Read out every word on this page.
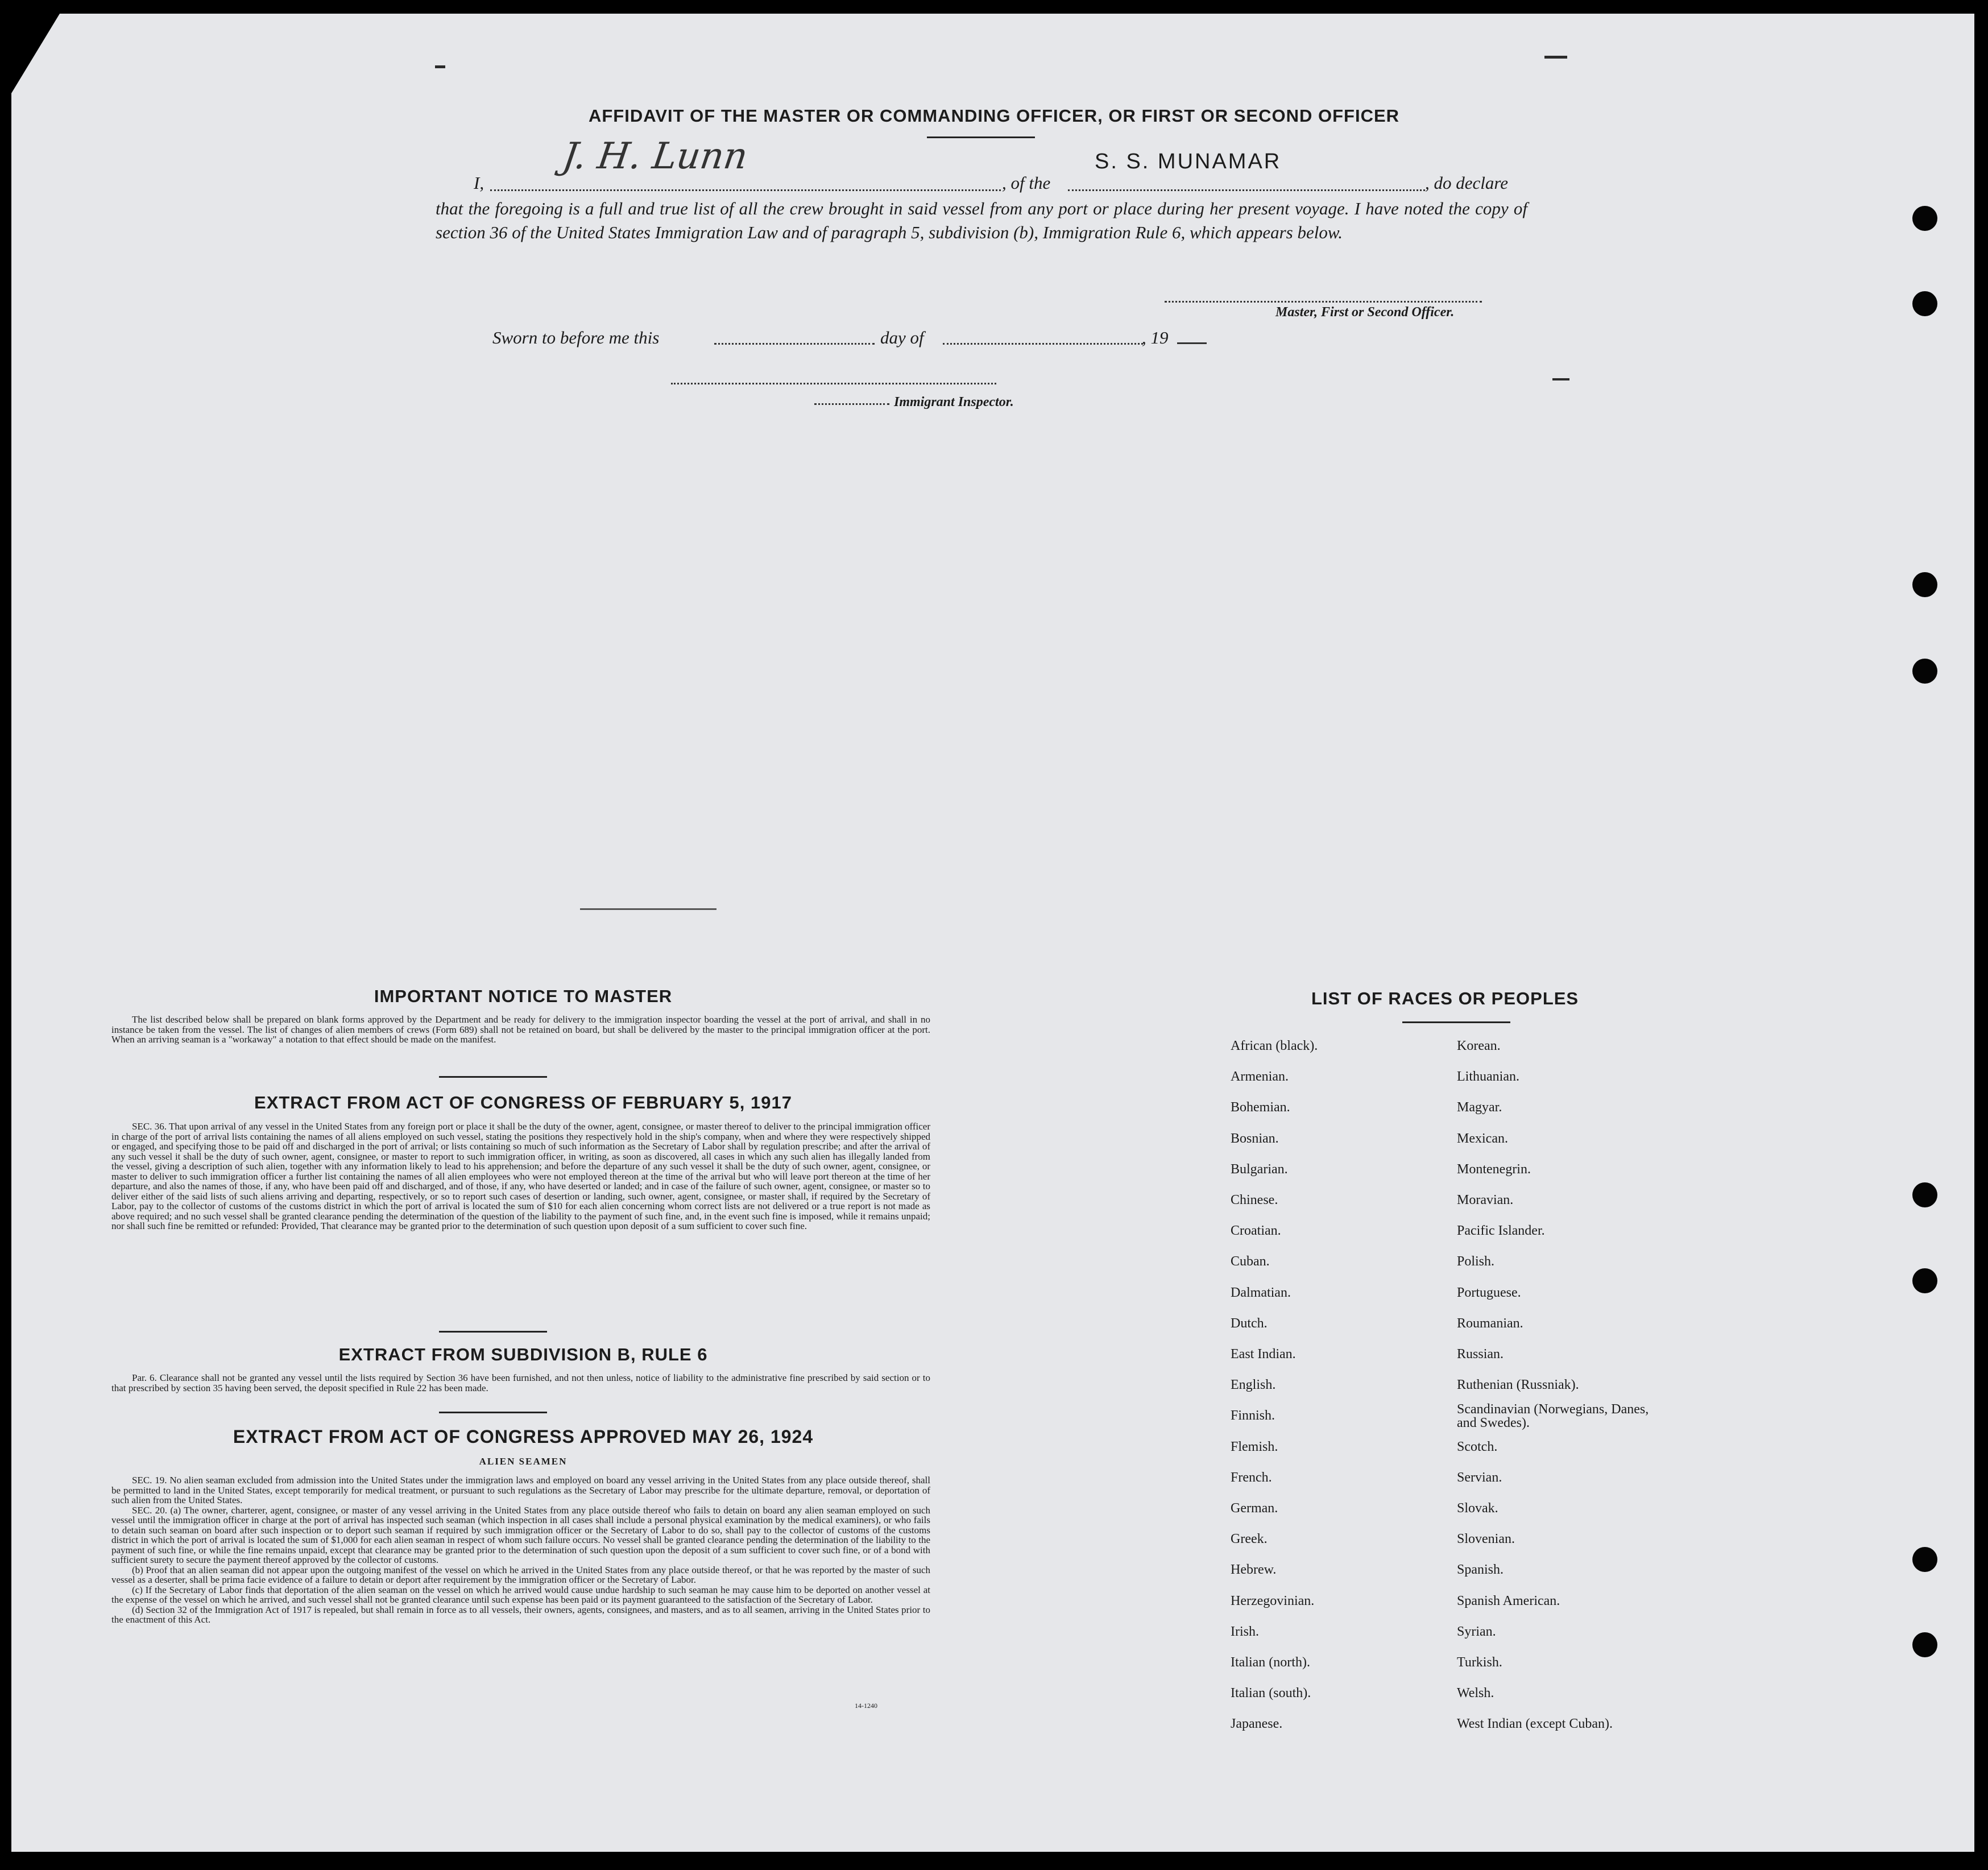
AFFIDAVIT OF THE MASTER OR COMMANDING OFFICER, OR FIRST OR SECOND OFFICER
I,
J. H. Lunn
, of the
S. S. MUNAMAR
, do declare
that the foregoing is a full and true list of all the crew brought in said vessel from any port or place during her present voyage. I have noted the copy of section 36 of the United States Immigration Law and of paragraph 5, subdivision (b), Immigration Rule 6, which appears below.
Master, First or Second Officer.
Sworn to before me this	day of	, 19
Immigrant Inspector.
IMPORTANT NOTICE TO MASTER

The list described below shall be prepared on blank forms approved by the Department and be ready for delivery to the immigration inspector boarding the vessel at the port of arrival, and shall in no instance be taken from the vessel. The list of changes of alien members of crews (Form 689) shall not be retained on board, but shall be delivered by the master to the principal immigration officer at the port. When an arriving seaman is a "workaway" a notation to that effect should be made on the manifest.

EXTRACT FROM ACT OF CONGRESS OF FEBRUARY 5, 1917

SEC. 36. That upon arrival of any vessel in the United States from any foreign port or place it shall be the duty of the owner, agent, consignee, or master thereof to deliver to the principal immigration officer in charge of the port of arrival lists containing the names of all aliens employed on such vessel, stating the positions they respectively hold in the ship's company, when and where they were respectively shipped or engaged, and specifying those to be paid off and discharged in the port of arrival; or lists containing so much of such information as the Secretary of Labor shall by regulation prescribe; and after the arrival of any such vessel it shall be the duty of such owner, agent, consignee, or master to report to such immigration officer, in writing, as soon as discovered, all cases in which any such alien has illegally landed from the vessel, giving a description of such alien, together with any information likely to lead to his apprehension; and before the departure of any such vessel it shall be the duty of such owner, agent, consignee, or master to deliver to such immigration officer a further list containing the names of all alien employees who were not employed thereon at the time of the arrival but who will leave port thereon at the time of her departure, and also the names of those, if any, who have been paid off and discharged, and of those, if any, who have deserted or landed; and in case of the failure of such owner, agent, consignee, or master so to deliver either of the said lists of such aliens arriving and departing, respectively, or so to report such cases of desertion or landing, such owner, agent, consignee, or master shall, if required by the Secretary of Labor, pay to the collector of customs of the customs district in which the port of arrival is located the sum of $10 for each alien concerning whom correct lists are not delivered or a true report is not made as above required; and no such vessel shall be granted clearance pending the determination of the question of the liability to the payment of such fine, and, in the event such fine is imposed, while it remains unpaid; nor shall such fine be remitted or refunded: Provided, That clearance may be granted prior to the determination of such question upon deposit of a sum sufficient to cover such fine.

EXTRACT FROM SUBDIVISION B, RULE 6

Par. 6. Clearance shall not be granted any vessel until the lists required by Section 36 have been furnished, and not then unless, notice of liability to the administrative fine prescribed by said section or to that prescribed by section 35 having been served, the deposit specified in Rule 22 has been made.

EXTRACT FROM ACT OF CONGRESS APPROVED MAY 26, 1924
ALIEN SEAMEN

SEC. 19. No alien seaman excluded from admission into the United States under the immigration laws and employed on board any vessel arriving in the United States from any place outside thereof, shall be permitted to land in the United States, except temporarily for medical treatment, or pursuant to such regulations as the Secretary of Labor may prescribe for the ultimate departure, removal, or deportation of such alien from the United States.

SEC. 20. (a) The owner, charterer, agent, consignee, or master of any vessel arriving in the United States from any place outside thereof who fails to detain on board any alien seaman employed on such vessel until the immigration officer in charge at the port of arrival has inspected such seaman (which inspection in all cases shall include a personal physical examination by the medical examiners), or who fails to detain such seaman on board after such inspection or to deport such seaman if required by such immigration officer or the Secretary of Labor to do so, shall pay to the collector of customs of the customs district in which the port of arrival is located the sum of $1,000 for each alien seaman in respect of whom such failure occurs. No vessel shall be granted clearance pending the determination of the liability to the payment of such fine, or while the fine remains unpaid, except that clearance may be granted prior to the determination of such question upon the deposit of a sum sufficient to cover such fine, or of a bond with sufficient surety to secure the payment thereof approved by the collector of customs.

(b) Proof that an alien seaman did not appear upon the outgoing manifest of the vessel on which he arrived in the United States from any place outside thereof, or that he was reported by the master of such vessel as a deserter, shall be prima facie evidence of a failure to detain or deport after requirement by the immigration officer or the Secretary of Labor.

(c) If the Secretary of Labor finds that deportation of the alien seaman on the vessel on which he arrived would cause undue hardship to such seaman he may cause him to be deported on another vessel at the expense of the vessel on which he arrived, and such vessel shall not be granted clearance until such expense has been paid or its payment guaranteed to the satisfaction of the Secretary of Labor.

(d) Section 32 of the Immigration Act of 1917 is repealed, but shall remain in force as to all vessels, their owners, agents, consignees, and masters, and as to all seamen, arriving in the United States prior to the enactment of this Act.

14-1240
LIST OF RACES OR PEOPLES
African (black).
Armenian.
Bohemian.
Bosnian.
Bulgarian.
Chinese.
Croatian.
Cuban.
Dalmatian.
Dutch.
East Indian.
English.
Finnish.
Flemish.
French.
German.
Greek.
Hebrew.
Herzegovinian.
Irish.
Italian (north).
Italian (south).
Japanese.
Korean.
Lithuanian.
Magyar.
Mexican.
Montenegrin.
Moravian.
Pacific Islander.
Polish.
Portuguese.
Roumanian.
Russian.
Ruthenian (Russniak).
Scandinavian (Norwegians, Danes, and Swedes).
Scotch.
Servian.
Slovak.
Slovenian.
Spanish.
Spanish American.
Syrian.
Turkish.
Welsh.
West Indian (except Cuban).
